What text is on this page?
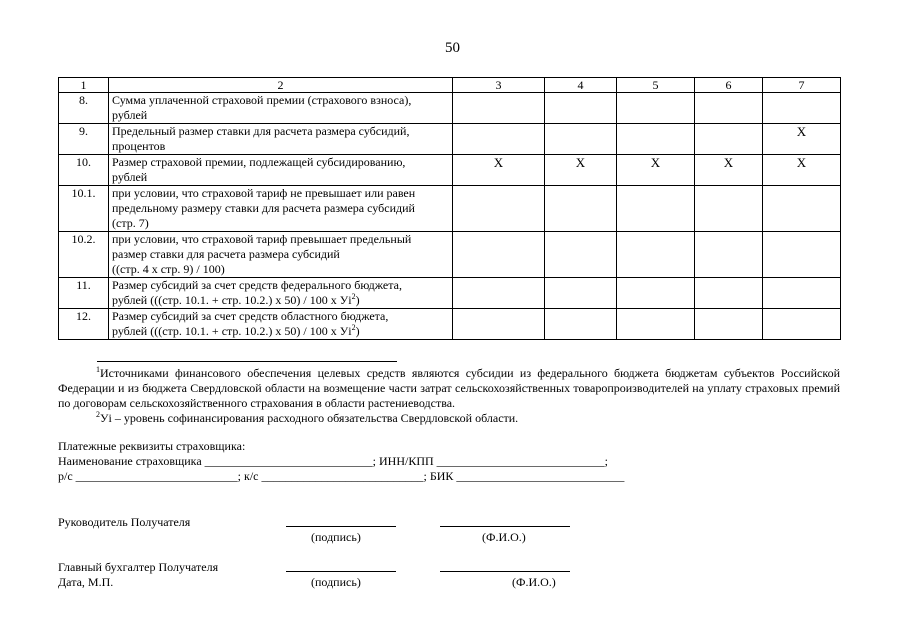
50
1	2	3	4	5	6	7
8.	Сумма уплаченной страховой премии (страхового взноса),
рублей					

9.	Предельный размер ставки для расчета размера субсидий,
процентов					X
10.	Размер страховой премии, подлежащей субсидированию,
рублей	X	X	X	X	X
10.1.	при условии, что страховой тариф не превышает или равен
предельному размеру ставки для расчета размера субсидий
(стр. 7)					

10.2.	при условии, что страховой тариф превышает предельный
размер ставки для расчета размера субсидий
((стр. 4 х стр. 9) / 100)					

11.	Размер субсидий за счет средств федерального бюджета,
рублей (((стр. 10.1. + стр. 10.2.) х 50) / 100 х $Уi^2$)					

12.	Размер субсидий за счет средств областного бюджета,
рублей (((стр. 10.1. + стр. 10.2.) х 50) / 100 х $Уi^2$)					

$^1$Источниками финансового обеспечения целевых средств являются субсидии из федерального бюджета бюджетам субъектов Российской Федерации и из бюджета Свердловской области на возмещение части затрат сельскохозяйственных товаропроизводителей на уплату страховых премий по договорам сельскохозяйственного страхования в области растениеводства.

$^2$Уi – уровень софинансирования расходного обязательства Свердловской области.

Платежные реквизиты страховщика:
Наименование страховщика ____________________________; ИНН/КПП ____________________________;
р/с ___________________________; к/с ___________________________; БИК ____________________________
Руководитель Получателя
(подпись)	(Ф.И.О.)
Главный бухгалтер Получателя
Дата, М.П.	(подпись)	(Ф.И.О.)
